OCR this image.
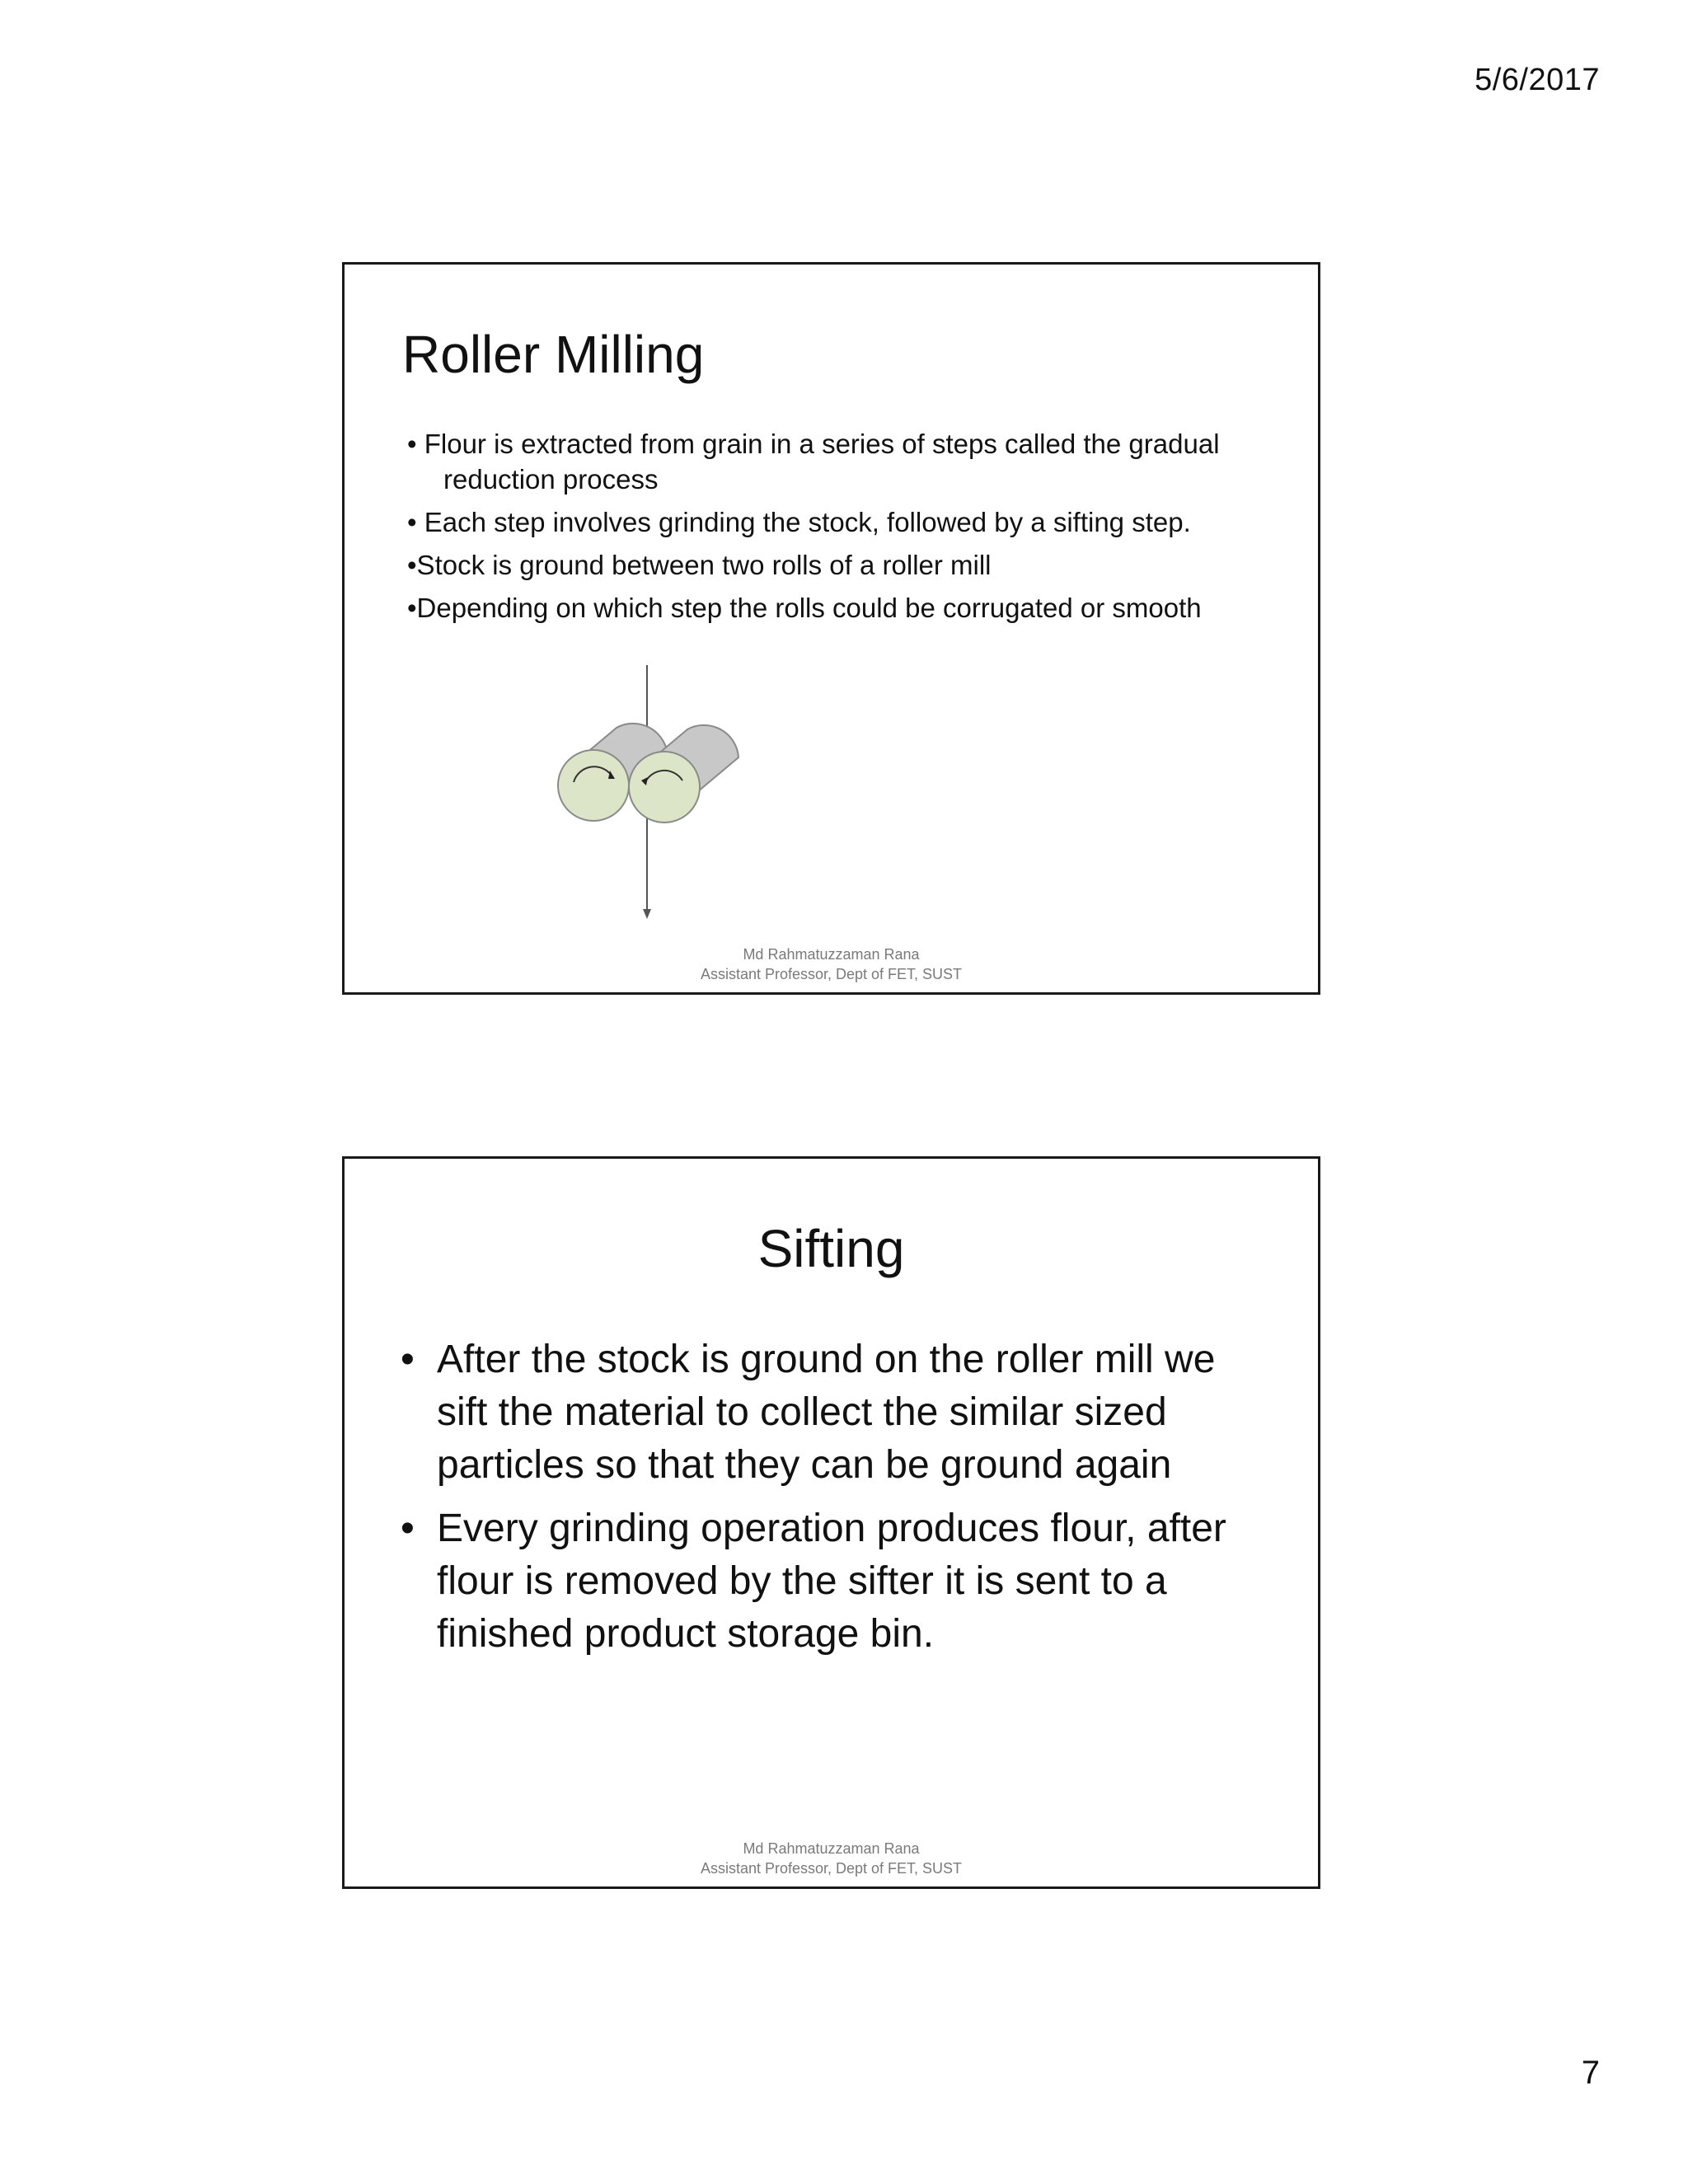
5/6/2017
Roller Milling
• Flour is extracted from grain in a series of steps called the gradual reduction process
• Each step involves grinding the stock, followed by a sifting step.
•Stock is ground between two rolls of a roller mill
•Depending on which step the rolls could be corrugated or smooth
Md Rahmatuzzaman Rana
Assistant Professor, Dept of FET, SUST
Sifting
• After the stock is ground on the roller mill we sift the material to collect the similar sized particles so that they can be ground again
• Every grinding operation produces flour, after flour is removed by the sifter it is sent to a finished product storage bin.
Md Rahmatuzzaman Rana
Assistant Professor, Dept of FET, SUST
7
